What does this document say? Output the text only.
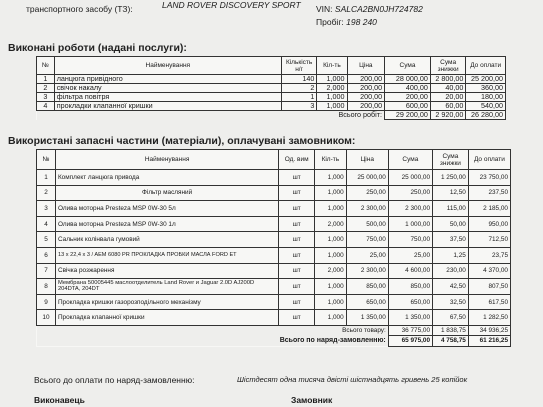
транспортного засобу (ТЗ):	LAND ROVER DISCOVERY SPORT VIN: SALCA2BN0JH724782
Пробіг: 198 240
Виконані роботи (надані послуги):
№	Найменування	Кількість н/г	Кіл-ть	Ціна	Сума	Сума знижки	До оплати
1	ланцюга привідного	140	1,000	200,00	28 000,00	2 800,00	25 200,00
2	свічок накалу	2	2,000	200,00	400,00	40,00	360,00
3	фільтра повітря	1	1,000	200,00	200,00	20,00	180,00
4	прокладки клапанної кришки	3	1,000	200,00	600,00	60,00	540,00
Всього робіт:					29 200,00	2 920,00	26 280,00
Використані запасні частини (матеріали), оплачувані замовником:
№	Найменування	Од. вим	Кіл-ть	Ціна	Сума	Сума знижки	До оплати
1	Комплект ланцюга привода	шт	1,000	25 000,00	25 000,00	1 250,00	23 750,00
2	Фільтр масляний	шт	1,000	250,00	250,00	12,50	237,50
3	Олива моторна Presteza MSP 0W-30 5л	шт	1,000	2 300,00	2 300,00	115,00	2 185,00
4	Олива моторна Presteza MSP 0W-30 1л	шт	2,000	500,00	1 000,00	50,00	950,00
5	Сальник колінвала гумовий	шт	1,000	750,00	750,00	37,50	712,50
6	13 x 22,4 x 3 / AEM 6080 PR ПРОКЛАДКА ПРОБКИ МАСЛА FORD ET	шт	1,000	25,00	25,00	1,25	23,75
7	Свічка розжарення	шт	2,000	2 300,00	4 600,00	230,00	4 370,00
8	Мембрана 50005445 маслоотделитель Land Rover и Jaguar 2.0D AJ200D 204DTA, 204DT	шт	1,000	850,00	850,00	42,50	807,50
9	Прокладка кришки газорозподільного механізму	шт	1,000	650,00	650,00	32,50	617,50
10	Прокладка клапанної кришки	шт	1,000	1 350,00	1 350,00	67,50	1 282,50
Всього товару:					36 775,00	1 838,75	34 936,25
Всього по наряд-замовленню:					65 975,00	4 758,75	61 216,25
Всього до оплати по наряд-замовленню:	Шістдесят одна тисяча двісті шістнадцять гривень 25 копійок
Виконавець	Замовник
